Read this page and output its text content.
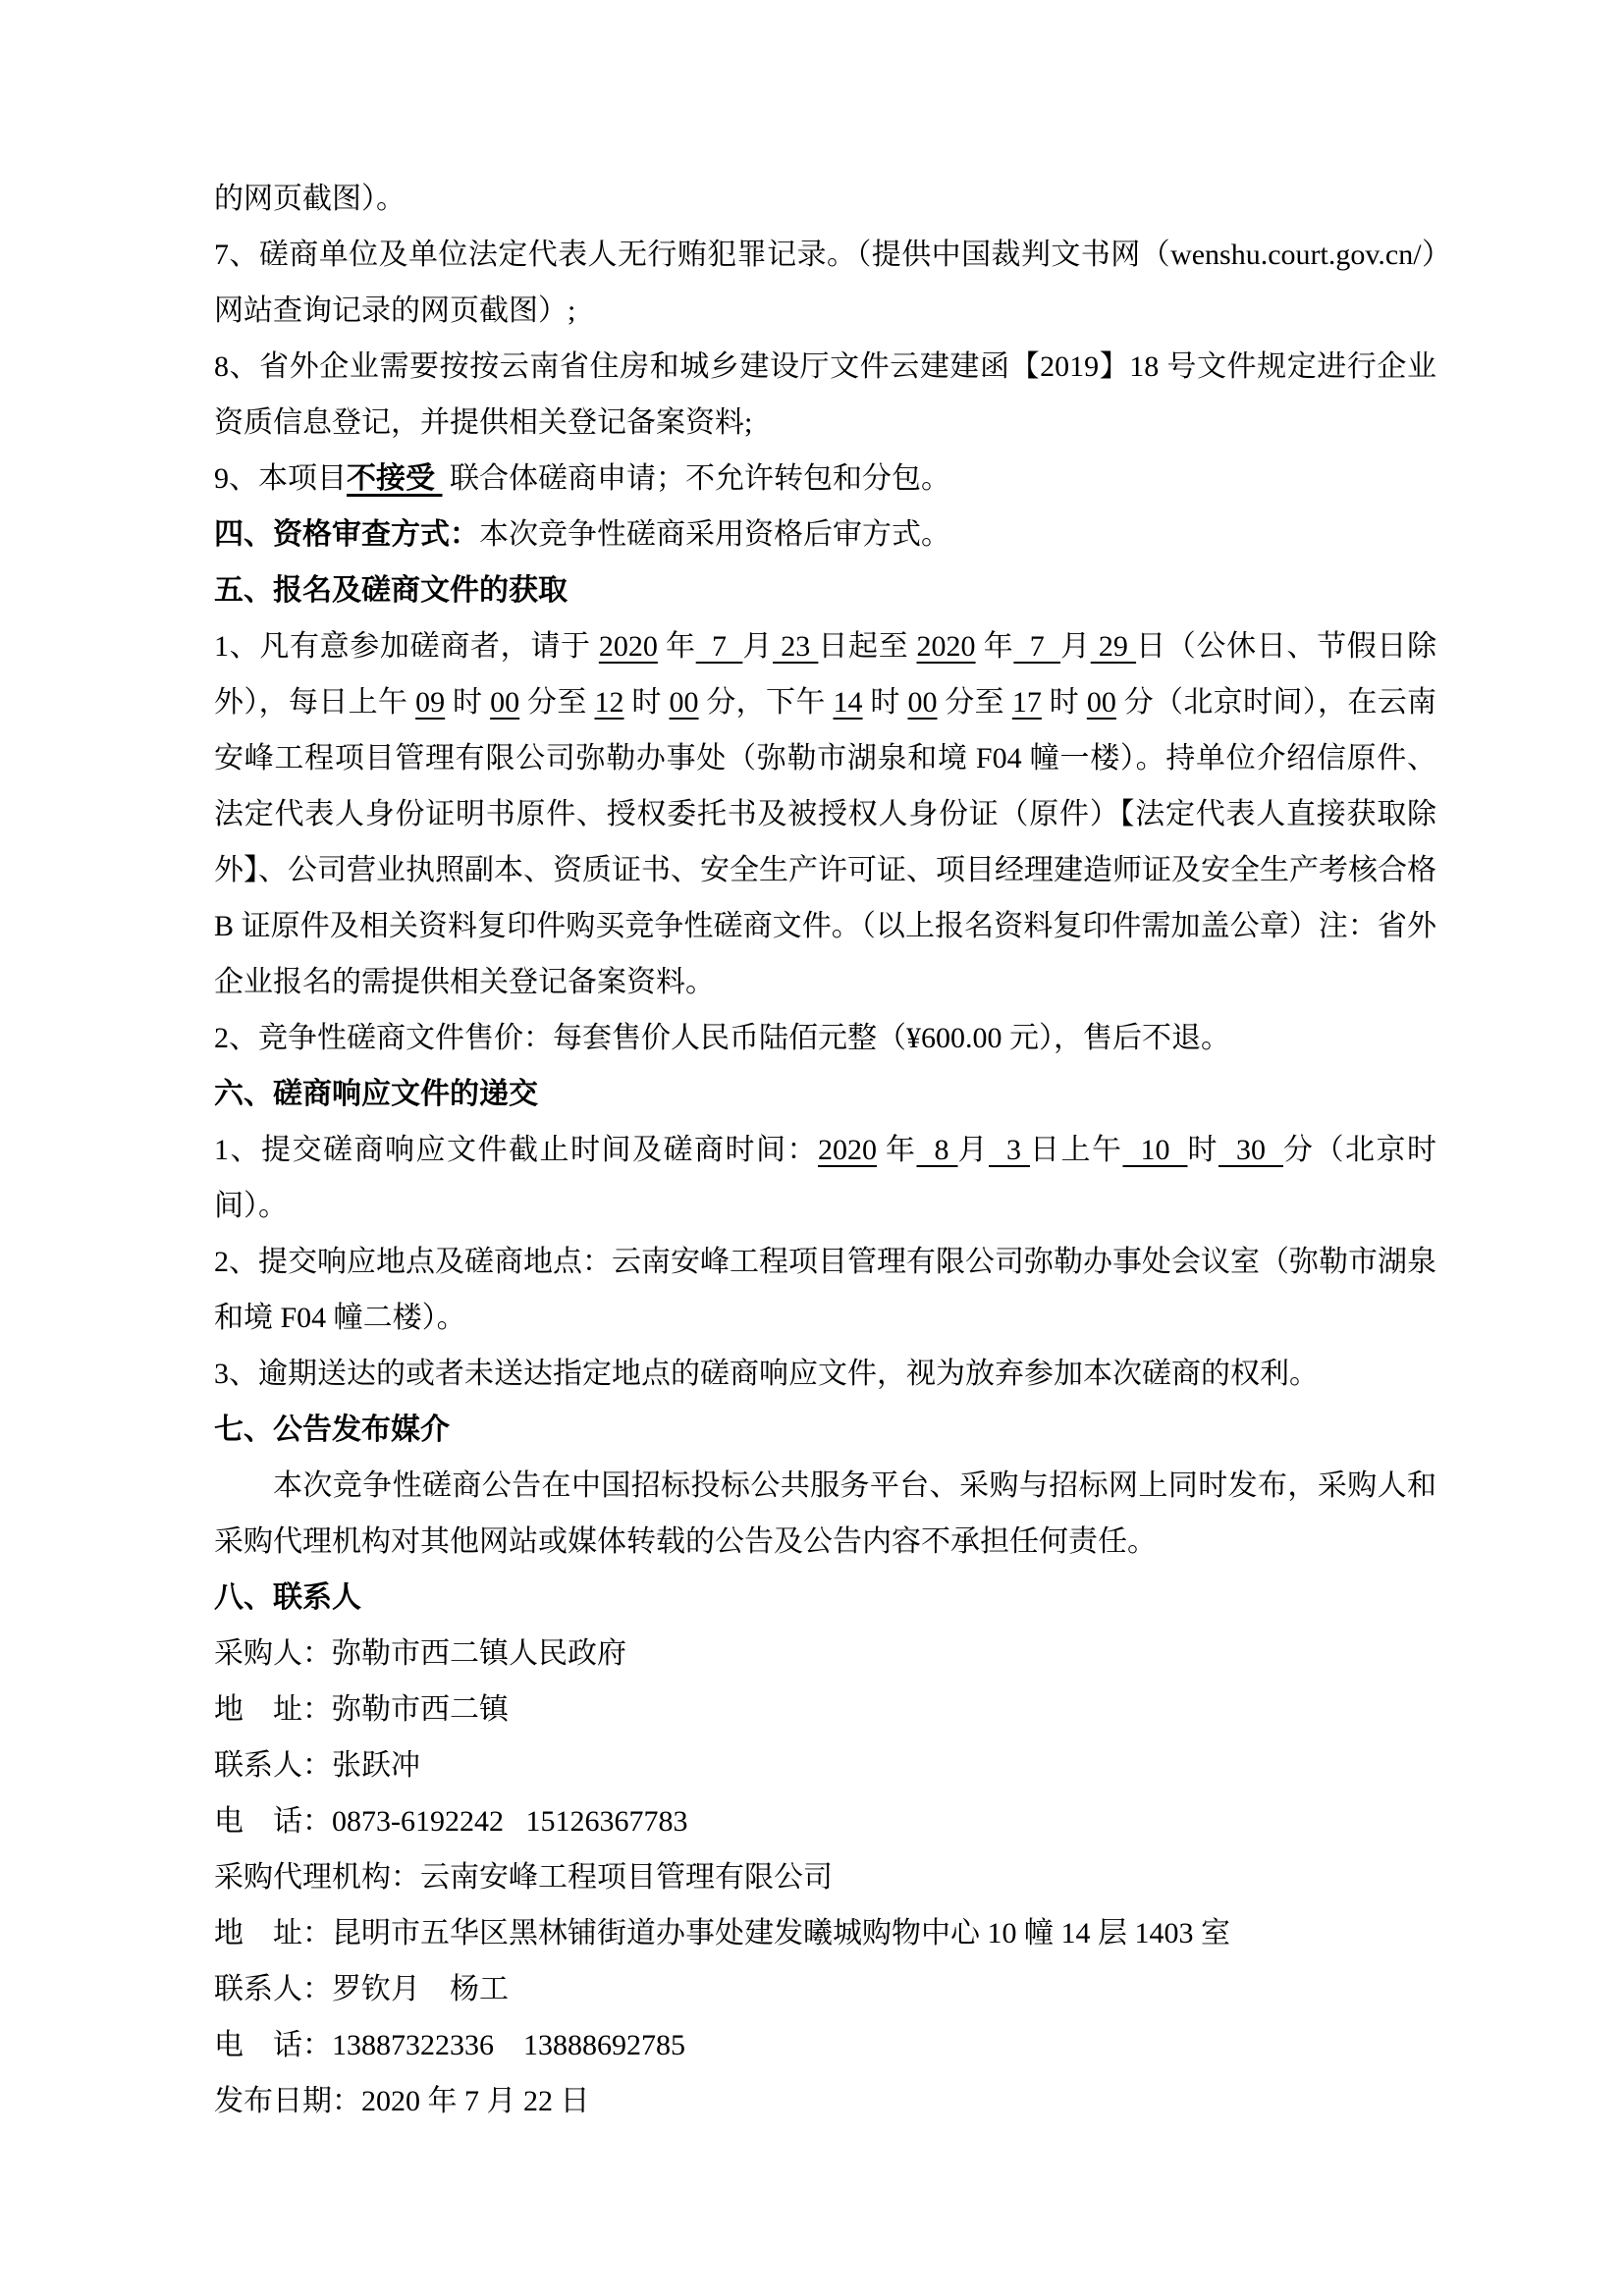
的网页截图）。

7、磋商单位及单位法定代表人无行贿犯罪记录。（提供中国裁判文书网（wenshu.court.gov.cn/）网站查询记录的网页截图）;

8、省外企业需要按按云南省住房和城乡建设厅文件云建建函【2019】18 号文件规定进行企业资质信息登记，并提供相关登记备案资料;

9、本项目不接受  联合体磋商申请；不允许转包和分包。

四、资格审查方式：本次竞争性磋商采用资格后审方式。

五、报名及磋商文件的获取

1、凡有意参加磋商者，请于 2020 年  7  月 23 日起至 2020 年  7  月 29 日（公休日、节假日除外），每日上午 09 时 00 分至 12 时 00 分，下午 14 时 00 分至 17 时 00 分（北京时间），在云南安峰工程项目管理有限公司弥勒办事处（弥勒市湖泉和境 F04 幢一楼）。持单位介绍信原件、法定代表人身份证明书原件、授权委托书及被授权人身份证（原件）【法定代表人直接获取除外】、公司营业执照副本、资质证书、安全生产许可证、项目经理建造师证及安全生产考核合格 B 证原件及相关资料复印件购买竞争性磋商文件。（以上报名资料复印件需加盖公章）注：省外企业报名的需提供相关登记备案资料。

2、竞争性磋商文件售价：每套售价人民币陆佰元整（¥600.00 元），售后不退。

六、磋商响应文件的递交

1、提交磋商响应文件截止时间及磋商时间：2020 年  8 月  3 日上午  10  时  30  分（北京时间）。

2、提交响应地点及磋商地点：云南安峰工程项目管理有限公司弥勒办事处会议室（弥勒市湖泉和境 F04 幢二楼）。

3、逾期送达的或者未送达指定地点的磋商响应文件，视为放弃参加本次磋商的权利。

七、公告发布媒介

本次竞争性磋商公告在中国招标投标公共服务平台、采购与招标网上同时发布，采购人和采购代理机构对其他网站或媒体转载的公告及公告内容不承担任何责任。

八、联系人

采购人：弥勒市西二镇人民政府

地　址：弥勒市西二镇

联系人：张跃冲

电　话：0873-6192242   15126367783

采购代理机构：云南安峰工程项目管理有限公司

地　址：昆明市五华区黑林铺街道办事处建发曦城购物中心 10 幢 14 层 1403 室

联系人：罗钦月　杨工

电　话：13887322336    13888692785

发布日期：2020 年 7 月 22 日
